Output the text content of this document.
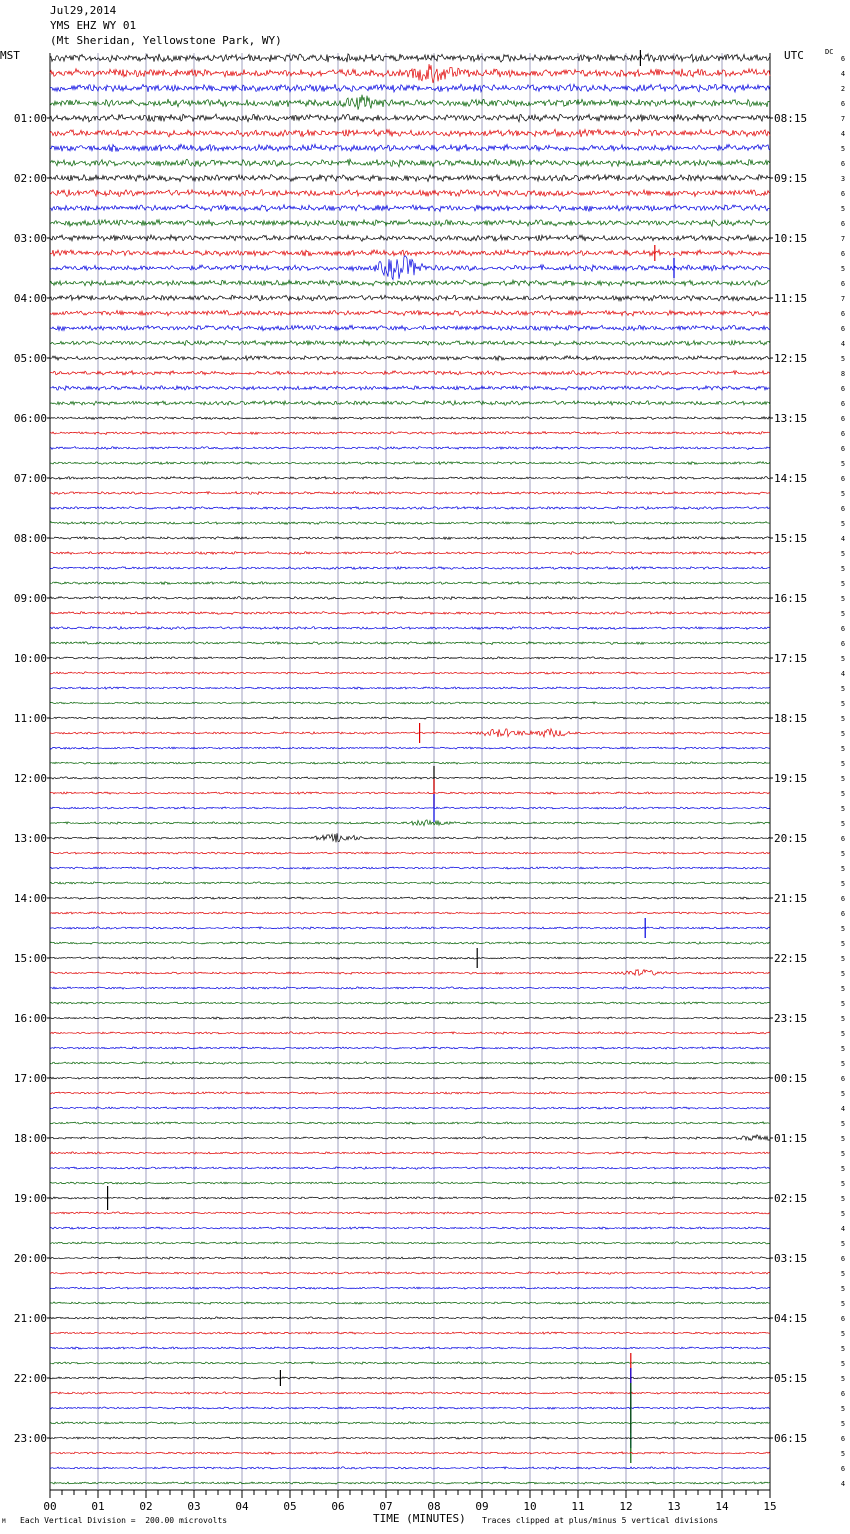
Jul29,2014
YMS EHZ WY 01
(Mt Sheridan, Yellowstone Park, WY)
MST	UTC	DC
6
4
2
6
7
4
5
6
3
6
5
6
7
6
5
6
7
6
6
4
5
8
6
6
6
6
6
5
6
5
6
5
4
5
5
5
5
5
6
6
5
4
5
5
5
5
5
5
5
5
5
5
6
5
5
5
6
6
5
5
5
5
5
5
5
5
5
5
6
5
4
5
5
5
5
5
5
5
4
5
6
5
5
5
6
5
5
5
5
6
5
5
6
5
6
4
01:00
02:00
03:00
04:00
05:00
06:00
07:00
08:00
09:00
10:00
11:00
12:00
13:00
14:00
15:00
16:00
17:00
18:00
19:00
20:00
21:00
22:00
23:00
08:15
09:15
10:15
11:15
12:15
13:15
14:15
15:15
16:15
17:15
18:15
19:15
20:15
21:15
22:15
23:15
00:15
01:15
02:15
03:15
04:15
05:15
06:15
00	01	02	03	04	05	06	07	08	09	10	11	12	13	14	15
M Each Vertical Division =  200.00 microvolts	TIME (MINUTES) Traces clipped at plus/minus 5 vertical divisions
